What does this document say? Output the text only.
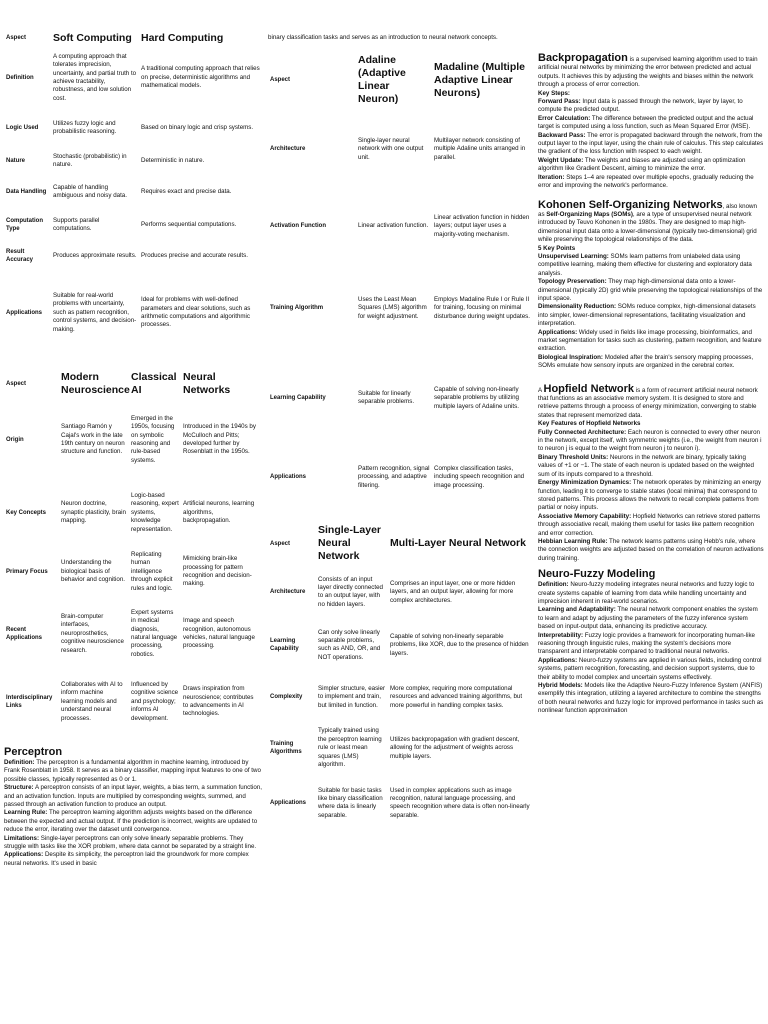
Aspect	Soft Computing	Hard Computing
Definition	A computing approach that tolerates imprecision, uncertainty, and partial truth to achieve tractability, robustness, and low solution cost.	A traditional computing approach that relies on precise, deterministic algorithms and mathematical models.
Logic Used	Utilizes fuzzy logic and probabilistic reasoning.	Based on binary logic and crisp systems.
Nature	Stochastic (probabilistic) in nature.	Deterministic in nature.
Data Handling	Capable of handling ambiguous and noisy data.	Requires exact and precise data.
Computation Type	Supports parallel computations.	Performs sequential computations.
Result Accuracy	Produces approximate results.	Produces precise and accurate results.
Applications	Suitable for real-world problems with uncertainty, such as pattern recognition, control systems, and decision-making.	Ideal for problems with well-defined parameters and clear solutions, such as arithmetic computations and algorithmic processes.
Aspect	Modern Neuroscience	Classical AI	Neural Networks
Origin	Santiago Ramón y Cajal's work in the late 19th century on neuron structure and function.	Emerged in the 1950s, focusing on symbolic reasoning and rule-based systems.	Introduced in the 1940s by McCulloch and Pitts; developed further by Rosenblatt in the 1950s.
Key Concepts	Neuron doctrine, synaptic plasticity, brain mapping.	Logic-based reasoning, expert systems, knowledge representation.	Artificial neurons, learning algorithms, backpropagation.
Primary Focus	Understanding the biological basis of behavior and cognition.	Replicating human intelligence through explicit rules and logic.	Mimicking brain-like processing for pattern recognition and decision-making.
Recent Applications	Brain-computer interfaces, neuroprosthetics, cognitive neuroscience research.	Expert systems in medical diagnosis, natural language processing, robotics.	Image and speech recognition, autonomous vehicles, natural language processing.
Interdisciplinary Links	Collaborates with AI to inform machine learning models and understand neural processes.	Influenced by cognitive science and psychology; informs AI development.	Draws inspiration from neuroscience; contributes to advancements in AI technologies.
Perceptron

Definition: The perceptron is a fundamental algorithm in machine learning, introduced by Frank Rosenblatt in 1958. It serves as a binary classifier, mapping input features to one of two possible classes, typically represented as 0 or 1.

Structure: A perceptron consists of an input layer, weights, a bias term, a summation function, and an activation function. Inputs are multiplied by corresponding weights, summed, and passed through an activation function to produce an output.

Learning Rule: The perceptron learning algorithm adjusts weights based on the difference between the expected and actual output. If the prediction is incorrect, weights are updated to reduce the error, iterating over the dataset until convergence.

Limitations: Single-layer perceptrons can only solve linearly separable problems. They struggle with tasks like the XOR problem, where data cannot be separated by a straight line.

Applications: Despite its simplicity, the perceptron laid the groundwork for more complex neural networks. It's used in basic

binary classification tasks and serves as an introduction to neural network concepts.

Aspect	Adaline (Adaptive Linear Neuron)	Madaline (Multiple Adaptive Linear Neurons)
Architecture	Single-layer neural network with one output unit.	Multilayer network consisting of multiple Adaline units arranged in parallel.
Activation Function	Linear activation function.	Linear activation function in hidden layers; output layer uses a majority-voting mechanism.
Training Algorithm	Uses the Least Mean Squares (LMS) algorithm for weight adjustment.	Employs Madaline Rule I or Rule II for training, focusing on minimal disturbance during weight updates.
Learning Capability	Suitable for linearly separable problems.	Capable of solving non-linearly separable problems by utilizing multiple layers of Adaline units.
Applications	Pattern recognition, signal processing, and adaptive filtering.	Complex classification tasks, including speech recognition and image processing.
Aspect	Single-Layer Neural Network	Multi-Layer Neural Network
Architecture	Consists of an input layer directly connected to an output layer, with no hidden layers.	Comprises an input layer, one or more hidden layers, and an output layer, allowing for more complex architectures.
Learning Capability	Can only solve linearly separable problems, such as AND, OR, and NOT operations.	Capable of solving non-linearly separable problems, like XOR, due to the presence of hidden layers.
Complexity	Simpler structure, easier to implement and train, but limited in function.	More complex, requiring more computational resources and advanced training algorithms, but more powerful in handling complex tasks.
Training Algorithms	Typically trained using the perceptron learning rule or least mean squares (LMS) algorithm.	Utilizes backpropagation with gradient descent, allowing for the adjustment of weights across multiple layers.
Applications	Suitable for basic tasks like binary classification where data is linearly separable.	Used in complex applications such as image recognition, natural language processing, and speech recognition where data is often non-linearly separable.

Backpropagation is a supervised learning algorithm used to train artificial neural networks by minimizing the error between predicted and actual outputs. It achieves this by adjusting the weights and biases within the network through a process of error correction.

Key Steps:

Forward Pass: Input data is passed through the network, layer by layer, to compute the predicted output.

Error Calculation: The difference between the predicted output and the actual target is computed using a loss function, such as Mean Squared Error (MSE).

Backward Pass: The error is propagated backward through the network, from the output layer to the input layer, using the chain rule of calculus. This step calculates the gradient of the loss function with respect to each weight.

Weight Update: The weights and biases are adjusted using an optimization algorithm like Gradient Descent, aiming to minimize the error.

Iteration: Steps 1–4 are repeated over multiple epochs, gradually reducing the error and improving the network's performance.

Kohonen Self-Organizing Networks, also known as Self-Organizing Maps (SOMs), are a type of unsupervised neural network introduced by Teuvo Kohonen in the 1980s. They are designed to map high-dimensional input data onto a lower-dimensional (typically two-dimensional) grid while preserving the topological relationships of the data.

5 Key Points

Unsupervised Learning: SOMs learn patterns from unlabeled data using competitive learning, making them effective for clustering and exploratory data analysis.

Topology Preservation: They map high-dimensional data onto a lower-dimensional (typically 2D) grid while preserving the topological relationships of the input space.

Dimensionality Reduction: SOMs reduce complex, high-dimensional datasets into simpler, lower-dimensional representations, facilitating visualization and interpretation.

Applications: Widely used in fields like image processing, bioinformatics, and market segmentation for tasks such as clustering, pattern recognition, and feature extraction.

Biological Inspiration: Modeled after the brain's sensory mapping processes, SOMs emulate how sensory inputs are organized in the cerebral cortex.

A Hopfield Network is a form of recurrent artificial neural network that functions as an associative memory system. It is designed to store and retrieve patterns through a process of energy minimization, converging to stable states that represent memorized data.

Key Features of Hopfield Networks

Fully Connected Architecture: Each neuron is connected to every other neuron in the network, except itself, with symmetric weights (i.e., the weight from neuron i to neuron j is equal to the weight from neuron j to neuron i).

Binary Threshold Units: Neurons in the network are binary, typically taking values of +1 or −1. The state of each neuron is updated based on the weighted sum of its inputs compared to a threshold.

Energy Minimization Dynamics: The network operates by minimizing an energy function, leading it to converge to stable states (local minima) that correspond to stored patterns. This process allows the network to recall complete patterns from partial or noisy inputs.

Associative Memory Capability: Hopfield Networks can retrieve stored patterns through associative recall, making them useful for tasks like pattern recognition and error correction.

Hebbian Learning Rule: The network learns patterns using Hebb's rule, where the connection weights are adjusted based on the correlation of neuron activations during training.

Neuro-Fuzzy Modeling

Definition: Neuro-fuzzy modeling integrates neural networks and fuzzy logic to create systems capable of learning from data while handling uncertainty and imprecision inherent in real-world scenarios.

Learning and Adaptability: The neural network component enables the system to learn and adapt by adjusting the parameters of the fuzzy inference system based on input-output data, enhancing its predictive accuracy.

Interpretability: Fuzzy logic provides a framework for incorporating human-like reasoning through linguistic rules, making the system's decisions more transparent and interpretable compared to traditional neural networks.

Applications: Neuro-fuzzy systems are applied in various fields, including control systems, pattern recognition, forecasting, and decision support systems, due to their ability to model complex and uncertain systems effectively.

Hybrid Models: Models like the Adaptive Neuro-Fuzzy Inference System (ANFIS) exemplify this integration, utilizing a layered architecture to combine the strengths of both neural networks and fuzzy logic for improved performance in tasks such as nonlinear function approximation
